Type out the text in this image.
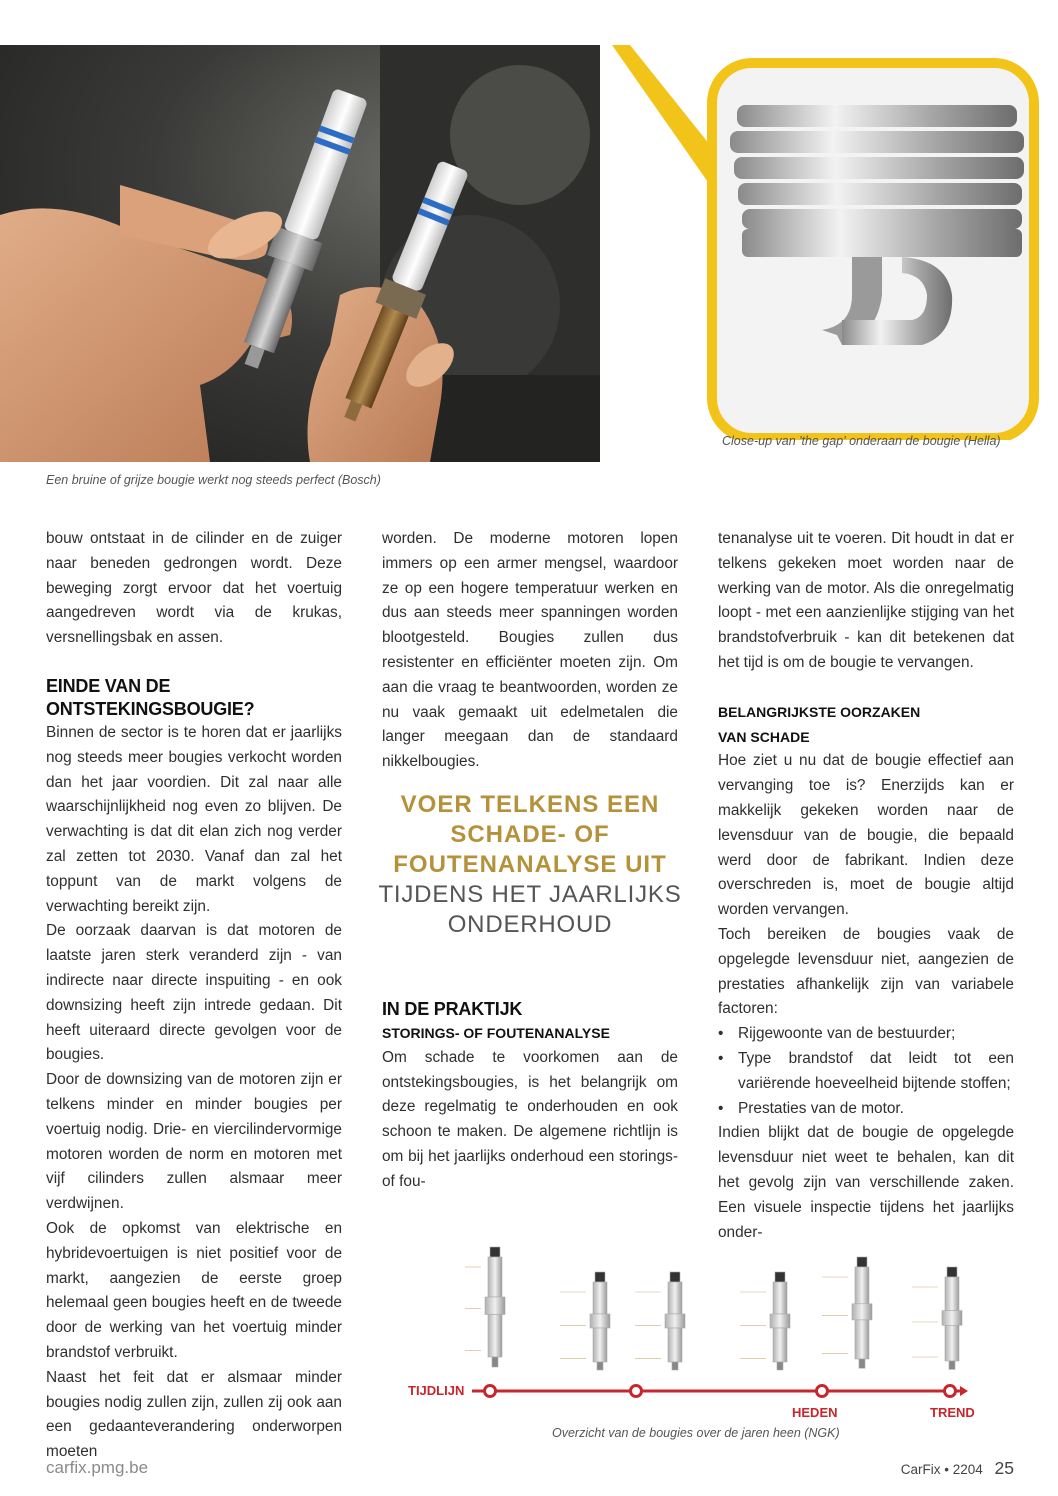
Een bruine of grijze bougie werkt nog steeds perfect (Bosch)
Close-up van 'the gap' onderaan de bougie (Hella)

bouw ontstaat in de cilinder en de zuiger naar beneden gedrongen wordt. Deze beweging zorgt ervoor dat het voertuig aangedreven wordt via de krukas, versnellingsbak en assen.

EINDE VAN DE
ONTSTEKINGSBOUGIE?

Binnen de sector is te horen dat er jaarlijks nog steeds meer bougies verkocht worden dan het jaar voordien. Dit zal naar alle waarschijnlijkheid nog even zo blijven. De verwachting is dat dit elan zich nog verder zal zetten tot 2030. Vanaf dan zal het toppunt van de markt volgens de verwachting bereikt zijn.

De oorzaak daarvan is dat motoren de laatste jaren sterk veranderd zijn - van indirecte naar directe inspuiting - en ook downsizing heeft zijn intrede gedaan. Dit heeft uiteraard directe gevolgen voor de bougies.

Door de downsizing van de motoren zijn er telkens minder en minder bougies per voertuig nodig. Drie- en viercilindervormige motoren worden de norm en motoren met vijf cilinders zullen alsmaar meer verdwijnen.

Ook de opkomst van elektrische en hybridevoertuigen is niet positief voor de markt, aangezien de eerste groep helemaal geen bougies heeft en de tweede door de werking van het voertuig minder brandstof verbruikt.

Naast het feit dat er alsmaar minder bougies nodig zullen zijn, zullen zij ook aan een gedaanteverandering onderworpen moeten

worden. De moderne motoren lopen immers op een armer mengsel, waardoor ze op een hogere temperatuur werken en dus aan steeds meer spanningen worden blootgesteld. Bougies zullen dus resistenter en efficiënter moeten zijn. Om aan die vraag te beantwoorden, worden ze nu vaak gemaakt uit edelmetalen die langer meegaan dan de standaard nikkelbougies.

VOER TELKENS EEN SCHADE- OF FOUTENANALYSE UIT
TIJDENS HET JAARLIJKS ONDERHOUD

IN DE PRAKTIJK

STORINGS- OF FOUTENANALYSE

Om schade te voorkomen aan de ontstekingsbougies, is het belangrijk om deze regelmatig te onderhouden en ook schoon te maken. De algemene richtlijn is om bij het jaarlijks onderhoud een storings- of fou-

tenanalyse uit te voeren. Dit houdt in dat er telkens gekeken moet worden naar de werking van de motor. Als die onregelmatig loopt - met een aanzienlijke stijging van het brandstofverbruik - kan dit betekenen dat het tijd is om de bougie te vervangen.

BELANGRIJKSTE OORZAKEN

VAN SCHADE

Hoe ziet u nu dat de bougie effectief aan vervanging toe is? Enerzijds kan er makkelijk gekeken worden naar de levensduur van de bougie, die bepaald werd door de fabrikant. Indien deze overschreden is, moet de bougie altijd worden vervangen.

Toch bereiken de bougies vaak de opgelegde levensduur niet, aangezien de prestaties afhankelijk zijn van variabele factoren:

• Rijgewoonte van de bestuurder;
• Type brandstof dat leidt tot een variërende hoeveelheid bijtende stoffen;
• Prestaties van de motor.

Indien blijkt dat de bougie de opgelegde levensduur niet weet te behalen, kan dit het gevolg zijn van verschillende zaken. Een visuele inspectie tijdens het jaarlijks onder-

TIJDLIJN
HEDEN	TREND
Overzicht van de bougies over de jaren heen (NGK)
carfix.pmg.be	CarFix • 2204 25
